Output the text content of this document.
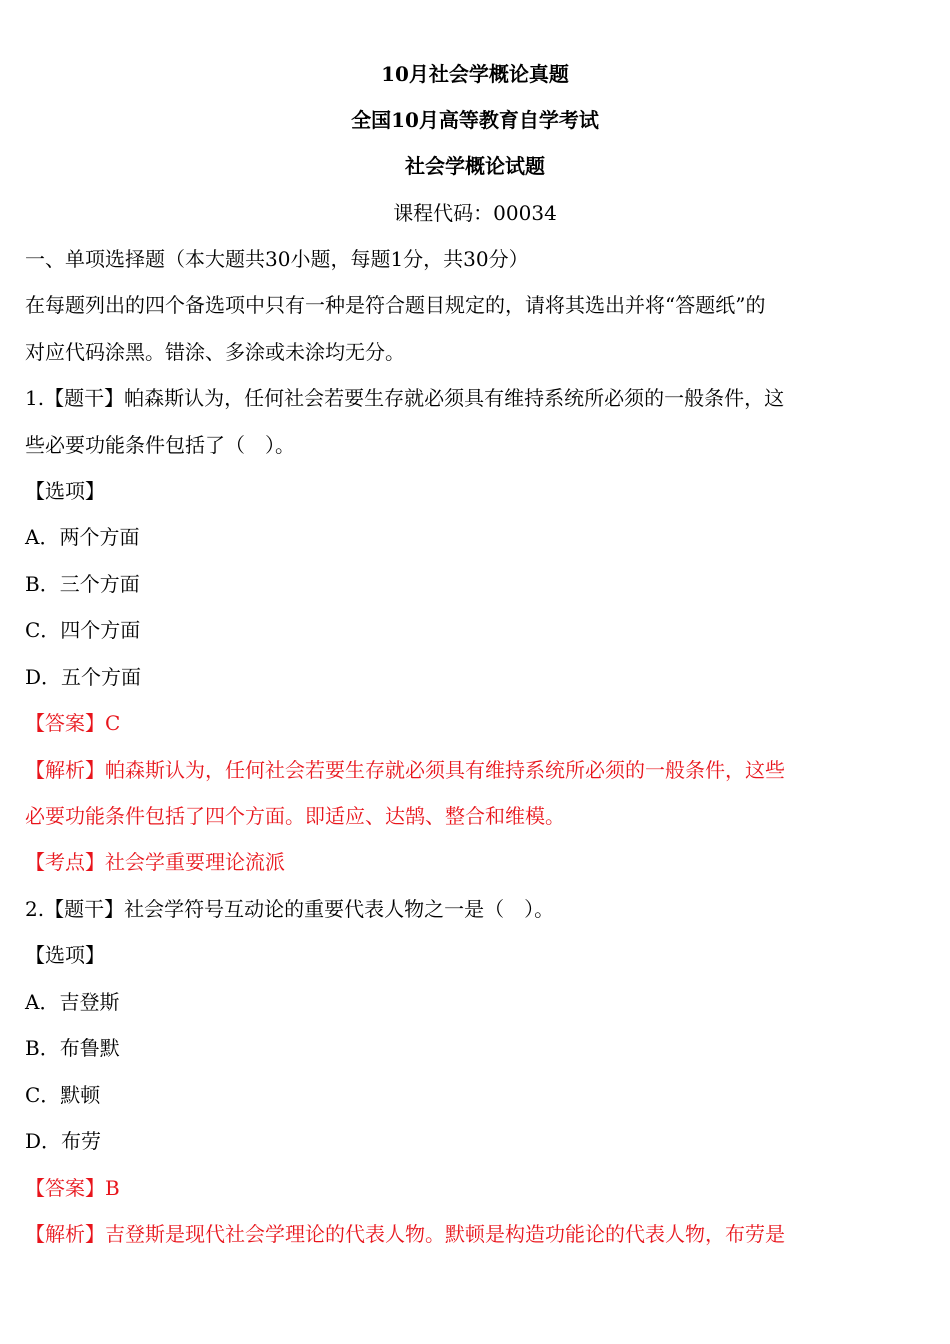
10月社会学概论真题
全国10月高等教育自学考试
社会学概论试题
课程代码：00034
一、单项选择题（本大题共30小题，每题1分，共30分）
在每题列出的四个备选项中只有一种是符合题目规定的，请将其选出并将“答题纸”的
对应代码涂黑。错涂、多涂或未涂均无分。
1.【题干】帕森斯认为，任何社会若要生存就必须具有维持系统所必须的一般条件，这
些必要功能条件包括了（　）。
【选项】
A．两个方面
B．三个方面
C．四个方面
D．五个方面
【答案】C
【解析】帕森斯认为，任何社会若要生存就必须具有维持系统所必须的一般条件，这些
必要功能条件包括了四个方面。即适应、达鹄、整合和维模。
【考点】社会学重要理论流派
2.【题干】社会学符号互动论的重要代表人物之一是（　）。
【选项】
A．吉登斯
B．布鲁默
C．默顿
D．布劳
【答案】B
【解析】吉登斯是现代社会学理论的代表人物。默顿是构造功能论的代表人物，布劳是
